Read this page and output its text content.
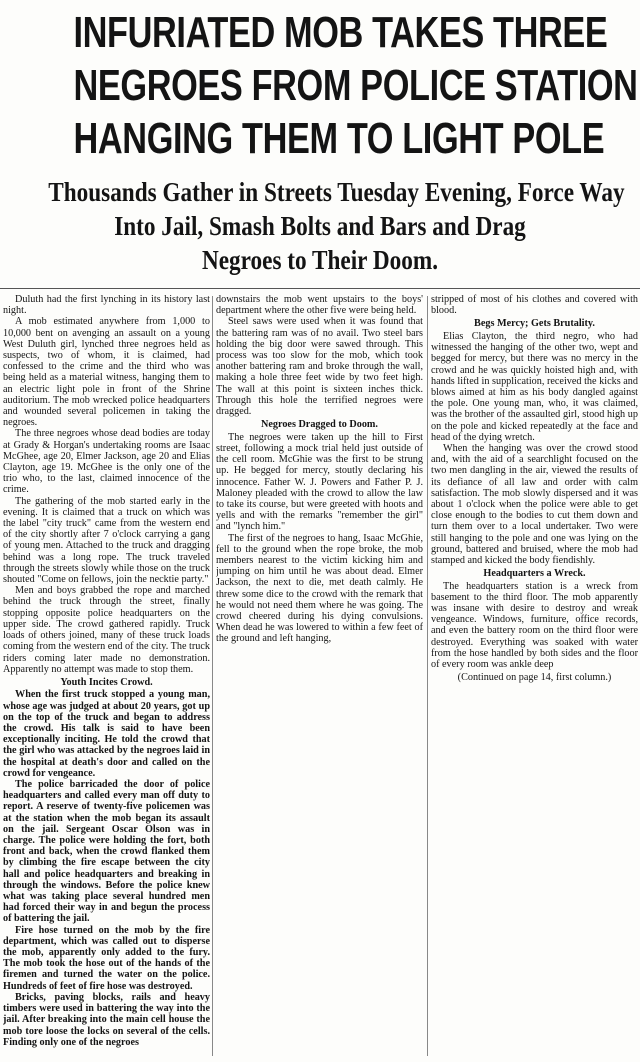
INFURIATED MOB TAKES THREE
NEGROES FROM POLICE STATION
HANGING THEM TO LIGHT POLE
Thousands Gather in Streets Tuesday Evening, Force Way
Into Jail, Smash Bolts and Bars and Drag
Negroes to Their Doom.

Duluth had the first lynching in its history last night.

A mob estimated anywhere from 1,000 to 10,000 bent on avenging an assault on a young West Duluth girl, lynched three negroes held as suspects, two of whom, it is claimed, had confessed to the crime and the third who was being held as a material witness, hanging them to an electric light pole in front of the Shrine auditorium. The mob wrecked police headquarters and wounded several policemen in taking the negroes.

The three negroes whose dead bodies are today at Grady & Horgan's undertaking rooms are Isaac McGhee, age 20, Elmer Jackson, age 20 and Elias Clayton, age 19. McGhee is the only one of the trio who, to the last, claimed innocence of the crime.

The gathering of the mob started early in the evening. It is claimed that a truck on which was the label "city truck" came from the western end of the city shortly after 7 o'clock carrying a gang of young men. Attached to the truck and dragging behind was a long rope. The truck traveled through the streets slowly while those on the truck shouted "Come on fellows, join the necktie party."

Men and boys grabbed the rope and marched behind the truck through the street, finally stopping opposite police headquarters on the upper side. The crowd gathered rapidly. Truck loads of others joined, many of these truck loads coming from the western end of the city. The truck riders coming later made no demonstration. Apparently no attempt was made to stop them.

Youth Incites Crowd.

When the first truck stopped a young man, whose age was judged at about 20 years, got up on the top of the truck and began to address the crowd. His talk is said to have been exceptionally inciting. He told the crowd that the girl who was attacked by the negroes laid in the hospital at death's door and called on the crowd for vengeance.

The police barricaded the door of police headquarters and called every man off duty to report. A reserve of twenty-five policemen was at the station when the mob began its assault on the jail. Sergeant Oscar Olson was in charge. The police were holding the fort, both front and back, when the crowd flanked them by climbing the fire escape between the city hall and police headquarters and breaking in through the windows. Before the police knew what was taking place several hundred men had forced their way in and begun the process of battering the jail.

Fire hose turned on the mob by the fire department, which was called out to disperse the mob, apparently only added to the fury. The mob took the hose out of the hands of the firemen and turned the water on the police. Hundreds of feet of fire hose was destroyed.

Bricks, paving blocks, rails and heavy timbers were used in battering the way into the jail. After breaking into the main cell house the mob tore loose the locks on several of the cells. Finding only one of the negroes

downstairs the mob went upstairs to the boys' department where the other five were being held.

Steel saws were used when it was found that the battering ram was of no avail. Two steel bars holding the big door were sawed through. This process was too slow for the mob, which took another battering ram and broke through the wall, making a hole three feet wide by two feet high. The wall at this point is sixteen inches thick. Through this hole the terrified negroes were dragged.

Negroes Dragged to Doom.

The negroes were taken up the hill to First street, following a mock trial held just outside of the cell room. McGhie was the first to be strung up. He begged for mercy, stoutly declaring his innocence. Father W. J. Powers and Father P. J. Maloney pleaded with the crowd to allow the law to take its course, but were greeted with hoots and yells and with the remarks "remember the girl" and "lynch him."

The first of the negroes to hang, Isaac McGhie, fell to the ground when the rope broke, the mob members nearest to the victim kicking him and jumping on him until he was about dead. Elmer Jackson, the next to die, met death calmly. He threw some dice to the crowd with the remark that he would not need them where he was going. The crowd cheered during his dying convulsions. When dead he was lowered to within a few feet of the ground and left hanging,

stripped of most of his clothes and covered with blood.

Begs Mercy; Gets Brutality.

Elias Clayton, the third negro, who had witnessed the hanging of the other two, wept and begged for mercy, but there was no mercy in the crowd and he was quickly hoisted high and, with hands lifted in supplication, received the kicks and blows aimed at him as his body dangled against the pole. One young man, who, it was claimed, was the brother of the assaulted girl, stood high up on the pole and kicked repeatedly at the face and head of the dying wretch.

When the hanging was over the crowd stood and, with the aid of a searchlight focused on the two men dangling in the air, viewed the results of its defiance of all law and order with calm satisfaction. The mob slowly dispersed and it was about 1 o'clock when the police were able to get close enough to the bodies to cut them down and turn them over to a local undertaker. Two were still hanging to the pole and one was lying on the ground, battered and bruised, where the mob had stamped and kicked the body fiendishly.

Headquarters a Wreck.

The headquarters station is a wreck from basement to the third floor. The mob apparently was insane with desire to destroy and wreak vengeance. Windows, furniture, office records, and even the battery room on the third floor were destroyed. Everything was soaked with water from the hose handled by both sides and the floor of every room was ankle deep

(Continued on page 14, first column.)
